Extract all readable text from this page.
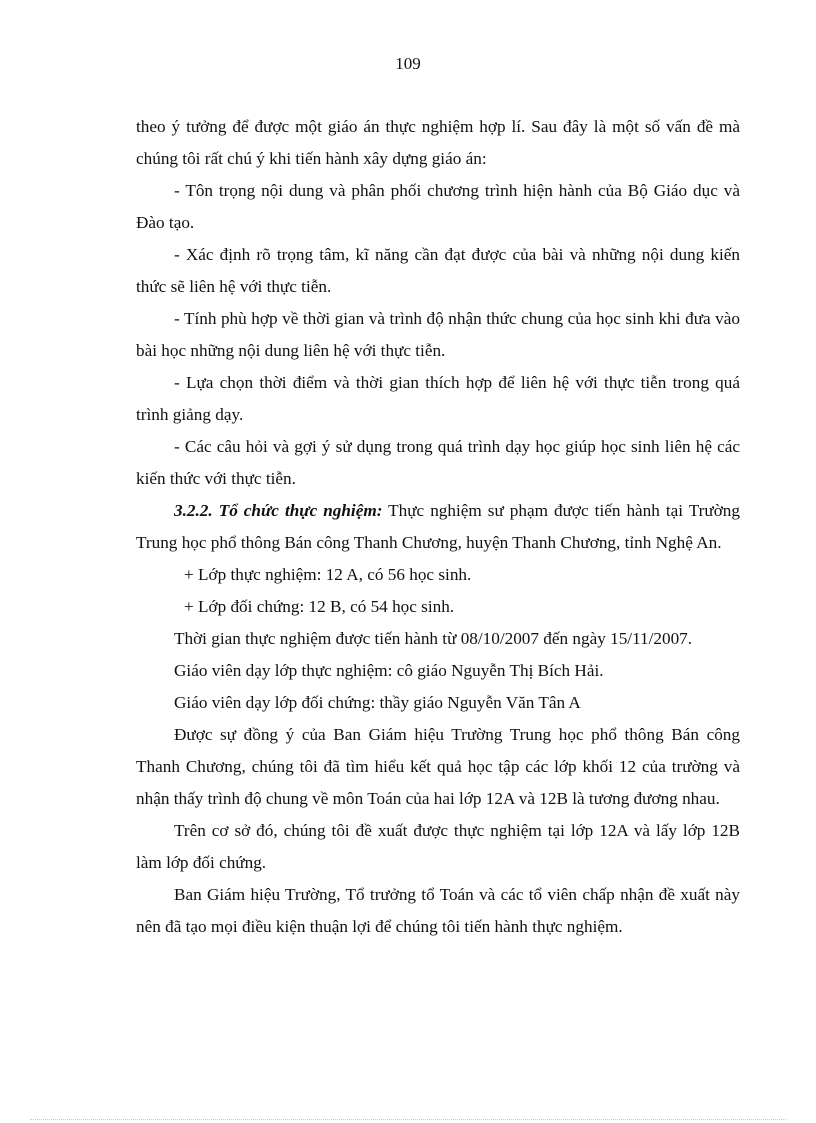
109

theo ý tưởng để được một giáo án thực nghiệm hợp lí. Sau đây là một số vấn đề mà chúng tôi rất chú ý khi tiến hành xây dựng giáo án:

- Tôn trọng nội dung và phân phối chương trình hiện hành của Bộ Giáo dục và Đào tạo.

- Xác định rõ trọng tâm, kĩ năng cần đạt được của bài và những nội dung kiến thức sẽ liên hệ với thực tiễn.

- Tính phù hợp về thời gian và trình độ nhận thức chung của học sinh khi đưa vào bài học những nội dung liên hệ với thực tiễn.

- Lựa chọn thời điểm và thời gian thích hợp để liên hệ với thực tiễn trong quá trình giảng dạy.

- Các câu hỏi và gợi ý sử dụng trong quá trình dạy học giúp học sinh liên hệ các kiến thức với thực tiễn.

3.2.2. Tổ chức thực nghiệm: Thực nghiệm sư phạm được tiến hành tại Trường Trung học phổ thông Bán công Thanh Chương, huyện Thanh Chương, tỉnh Nghệ An.

+ Lớp thực nghiệm: 12 A, có 56 học sinh.

+ Lớp đối chứng: 12 B, có 54 học sinh.

Thời gian thực nghiệm được tiến hành từ 08/10/2007 đến ngày 15/11/2007.

Giáo viên dạy lớp thực nghiệm: cô giáo Nguyễn Thị Bích Hải.

Giáo viên dạy lớp đối chứng: thầy giáo Nguyễn Văn Tân A

Được sự đồng ý của Ban Giám hiệu Trường Trung học phổ thông Bán công Thanh Chương, chúng tôi đã tìm hiểu kết quả học tập các lớp khối 12 của trường và nhận thấy trình độ chung về môn Toán của hai lớp 12A và 12B là tương đương nhau.

Trên cơ sở đó, chúng tôi đề xuất được thực nghiệm tại lớp 12A và lấy lớp 12B làm lớp đối chứng.

Ban Giám hiệu Trường, Tổ trưởng tổ Toán và các tổ viên chấp nhận đề xuất này nên đã tạo mọi điều kiện thuận lợi để chúng tôi tiến hành thực nghiệm.
